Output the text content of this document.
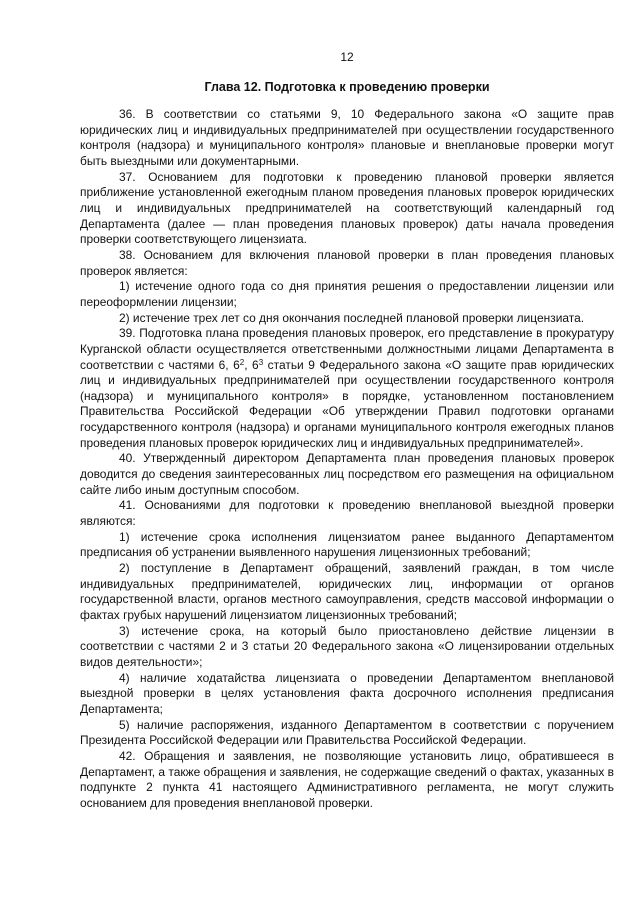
12
Глава 12. Подготовка к проведению проверки

36. В соответствии со статьями 9, 10 Федерального закона «О защите прав юридических лиц и индивидуальных предпринимателей при осуществлении государственного контроля (надзора) и муниципального контроля» плановые и внеплановые проверки могут быть выездными или документарными.

37. Основанием для подготовки к проведению плановой проверки является приближение установленной ежегодным планом проведения плановых проверок юридических лиц и индивидуальных предпринимателей на соответствующий календарный год Департамента (далее — план проведения плановых проверок) даты начала проведения проверки соответствующего лицензиата.

38. Основанием для включения плановой проверки в план проведения плановых проверок является:

1) истечение одного года со дня принятия решения о предоставлении лицензии или переоформлении лицензии;

2) истечение трех лет со дня окончания последней плановой проверки лицензиата.

39. Подготовка плана проведения плановых проверок, его представление в прокуратуру Курганской области осуществляется ответственными должностными лицами Департамента в соответствии с частями 6, $6^2$, $6^3$ статьи 9 Федерального закона «О защите прав юридических лиц и индивидуальных предпринимателей при осуществлении государственного контроля (надзора) и муниципального контроля» в порядке, установленном постановлением Правительства Российской Федерации «Об утверждении Правил подготовки органами государственного контроля (надзора) и органами муниципального контроля ежегодных планов проведения плановых проверок юридических лиц и индивидуальных предпринимателей».

40. Утвержденный директором Департамента план проведения плановых проверок доводится до сведения заинтересованных лиц посредством его размещения на официальном сайте либо иным доступным способом.

41. Основаниями для подготовки к проведению внеплановой выездной проверки являются:

1) истечение срока исполнения лицензиатом ранее выданного Департаментом предписания об устранении выявленного нарушения лицензионных требований;

2) поступление в Департамент обращений, заявлений граждан, в том числе индивидуальных предпринимателей, юридических лиц, информации от органов государственной власти, органов местного самоуправления, средств массовой информации о фактах грубых нарушений лицензиатом лицензионных требований;

3) истечение срока, на который было приостановлено действие лицензии в соответствии с частями 2 и 3 статьи 20 Федерального закона «О лицензировании отдельных видов деятельности»;

4) наличие ходатайства лицензиата о проведении Департаментом внеплановой выездной проверки в целях установления факта досрочного исполнения предписания Департамента;

5) наличие распоряжения, изданного Департаментом в соответствии с поручением Президента Российской Федерации или Правительства Российской Федерации.

42. Обращения и заявления, не позволяющие установить лицо, обратившееся в Департамент, а также обращения и заявления, не содержащие сведений о фактах, указанных в подпункте 2 пункта 41 настоящего Административного регламента, не могут служить основанием для проведения внеплановой проверки.
